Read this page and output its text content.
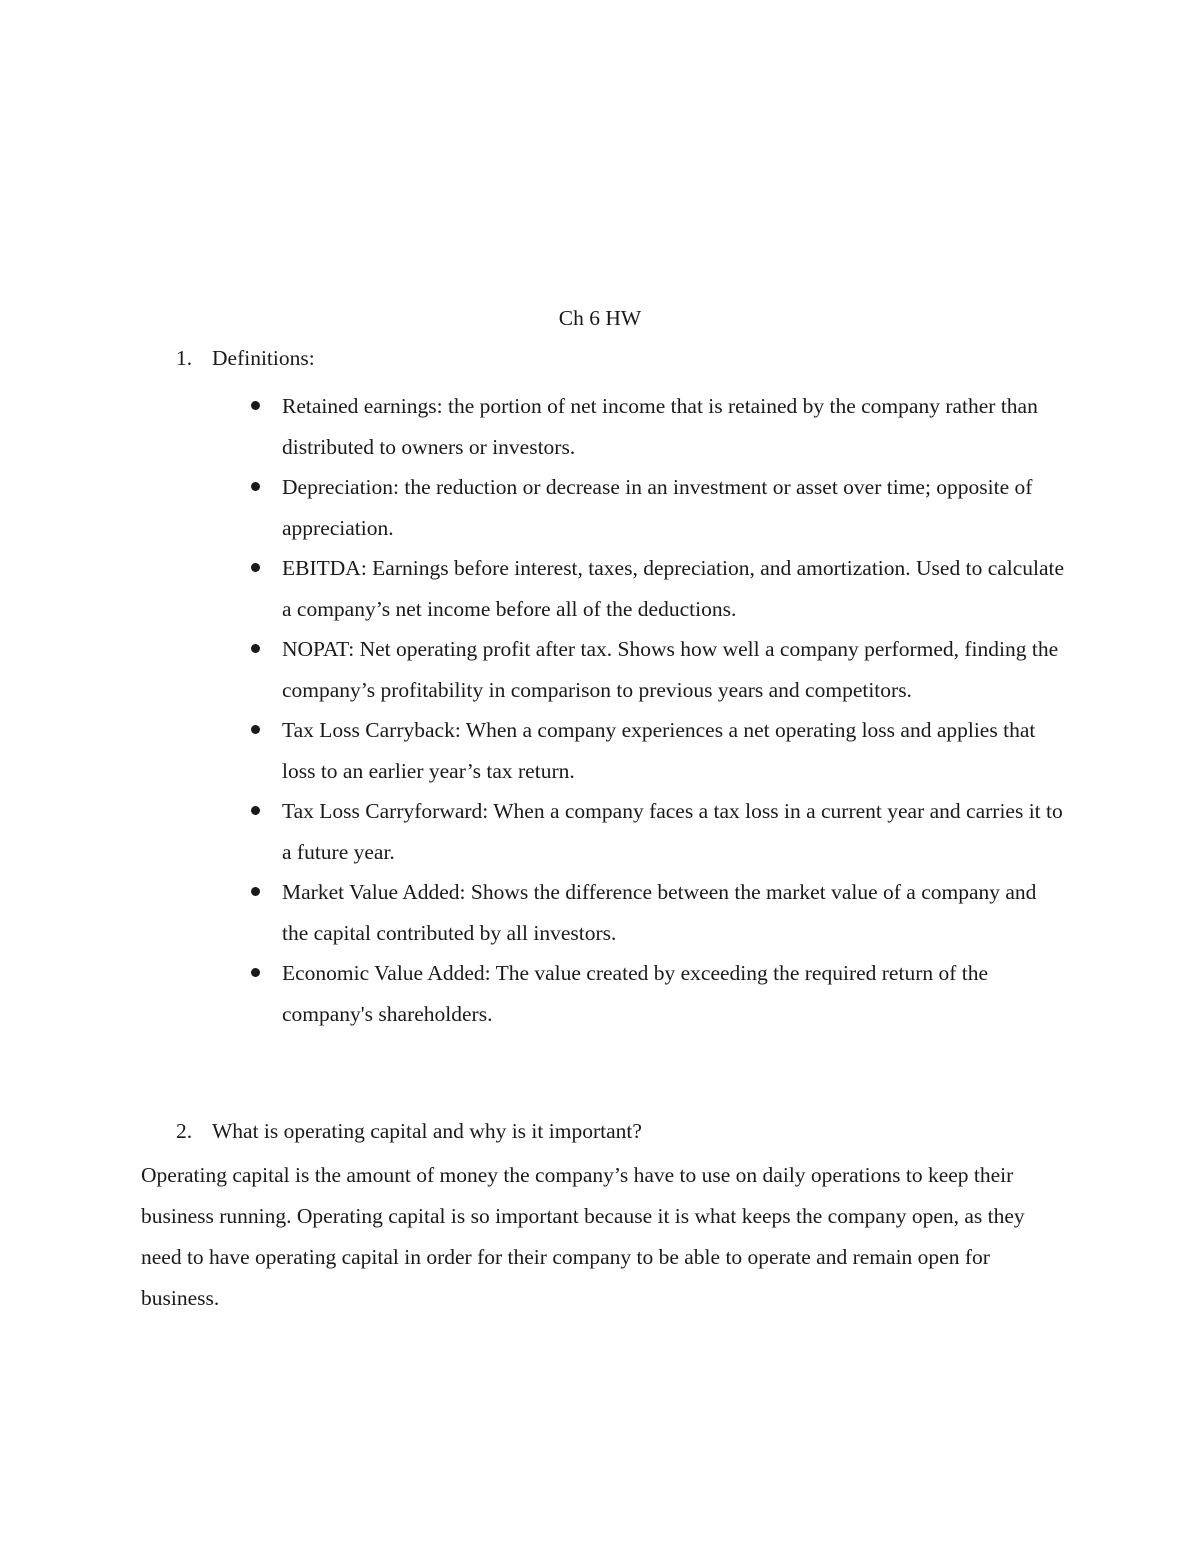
Ch 6 HW
1. Definitions:
Retained earnings: the portion of net income that is retained by the company rather than distributed to owners or investors.
Depreciation: the reduction or decrease in an investment or asset over time; opposite of appreciation.
EBITDA: Earnings before interest, taxes, depreciation, and amortization. Used to calculate a company’s net income before all of the deductions.
NOPAT: Net operating profit after tax. Shows how well a company performed, finding the company’s profitability in comparison to previous years and competitors.
Tax Loss Carryback: When a company experiences a net operating loss and applies that loss to an earlier year’s tax return.
Tax Loss Carryforward: When a company faces a tax loss in a current year and carries it to a future year.
Market Value Added: Shows the difference between the market value of a company and the capital contributed by all investors.
Economic Value Added: The value created by exceeding the required return of the company's shareholders.
2. What is operating capital and why is it important?

Operating capital is the amount of money the company’s have to use on daily operations to keep their business running. Operating capital is so important because it is what keeps the company open, as they need to have operating capital in order for their company to be able to operate and remain open for business.
